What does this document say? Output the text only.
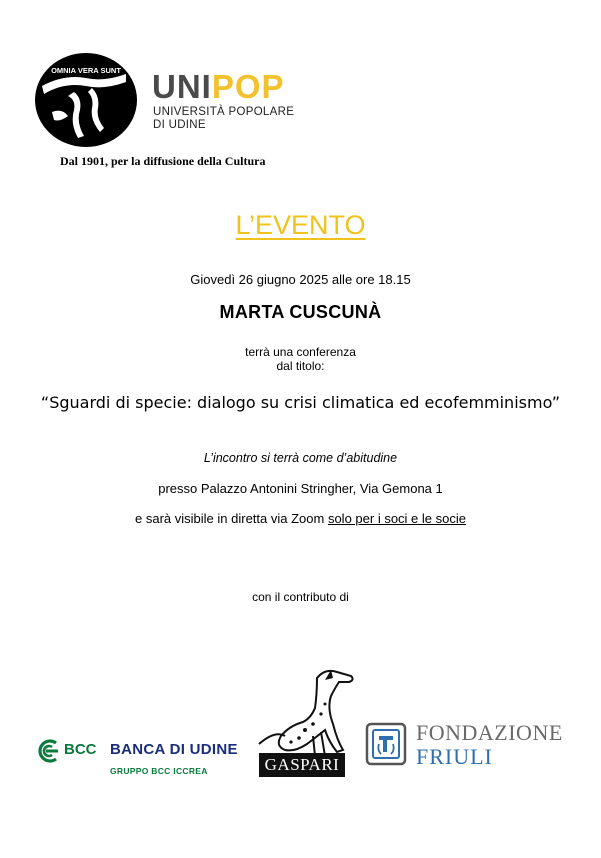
OMNIA VERA SUNT UNIPOP
UNIVERSITÀ POPOLARE
DI UDINE
Dal 1901, per la diffusione della Cultura
L’EVENTO
Giovedì 26 giugno 2025 alle ore 18.15
MARTA CUSCUNÀ
terrà una conferenza
dal titolo:
“Sguardi di specie: dialogo su crisi climatica ed ecofemminismo”
L’incontro si terrà come d’abitudine
presso Palazzo Antonini Stringher, Via Gemona 1
e sarà visibile in diretta via Zoom solo per i soci e le socie
con il contributo di
BCC BANCA DI UDINE
GRUPPO BCC ICCREA	GASPARI
FONDAZIONE
FRIULI
